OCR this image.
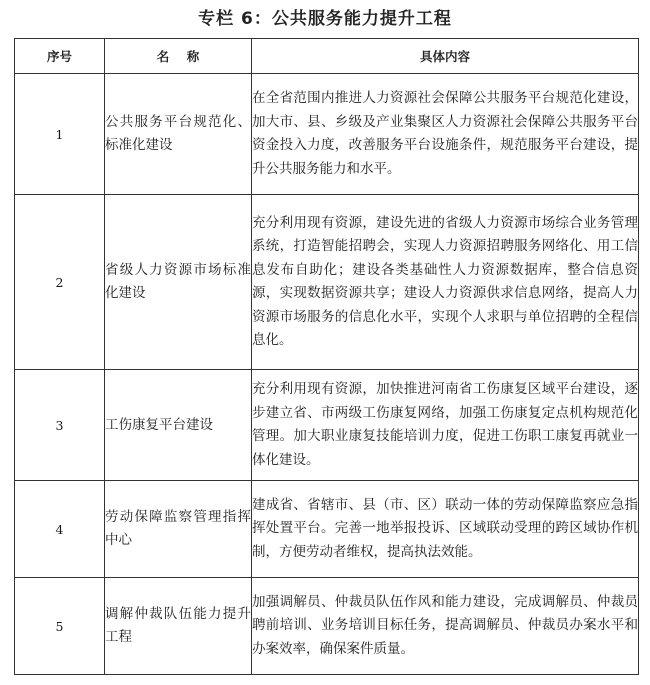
专栏 6：公共服务能力提升工程
序号	名    称	具体内容
1	公共服务平台规范化、标准化建设	在全省范围内推进人力资源社会保障公共服务平台规范化建设，加大市、县、乡级及产业集聚区人力资源社会保障公共服务平台资金投入力度，改善服务平台设施条件，规范服务平台建设，提升公共服务能力和水平。
2	省级人力资源市场标准化建设	充分利用现有资源，建设先进的省级人力资源市场综合业务管理系统，打造智能招聘会，实现人力资源招聘服务网络化、用工信息发布自助化；建设各类基础性人力资源数据库，整合信息资源，实现数据资源共享；建设人力资源供求信息网络，提高人力资源市场服务的信息化水平，实现个人求职与单位招聘的全程信息化。
3	工伤康复平台建设	充分利用现有资源，加快推进河南省工伤康复区域平台建设，逐步建立省、市两级工伤康复网络，加强工伤康复定点机构规范化管理。加大职业康复技能培训力度，促进工伤职工康复再就业一体化建设。
4	劳动保障监察管理指挥中心	建成省、省辖市、县（市、区）联动一体的劳动保障监察应急指挥处置平台。完善一地举报投诉、区域联动受理的跨区域协作机制，方便劳动者维权，提高执法效能。
5	调解仲裁队伍能力提升工程	加强调解员、仲裁员队伍作风和能力建设，完成调解员、仲裁员聘前培训、业务培训目标任务，提高调解员、仲裁员办案水平和办案效率，确保案件质量。
